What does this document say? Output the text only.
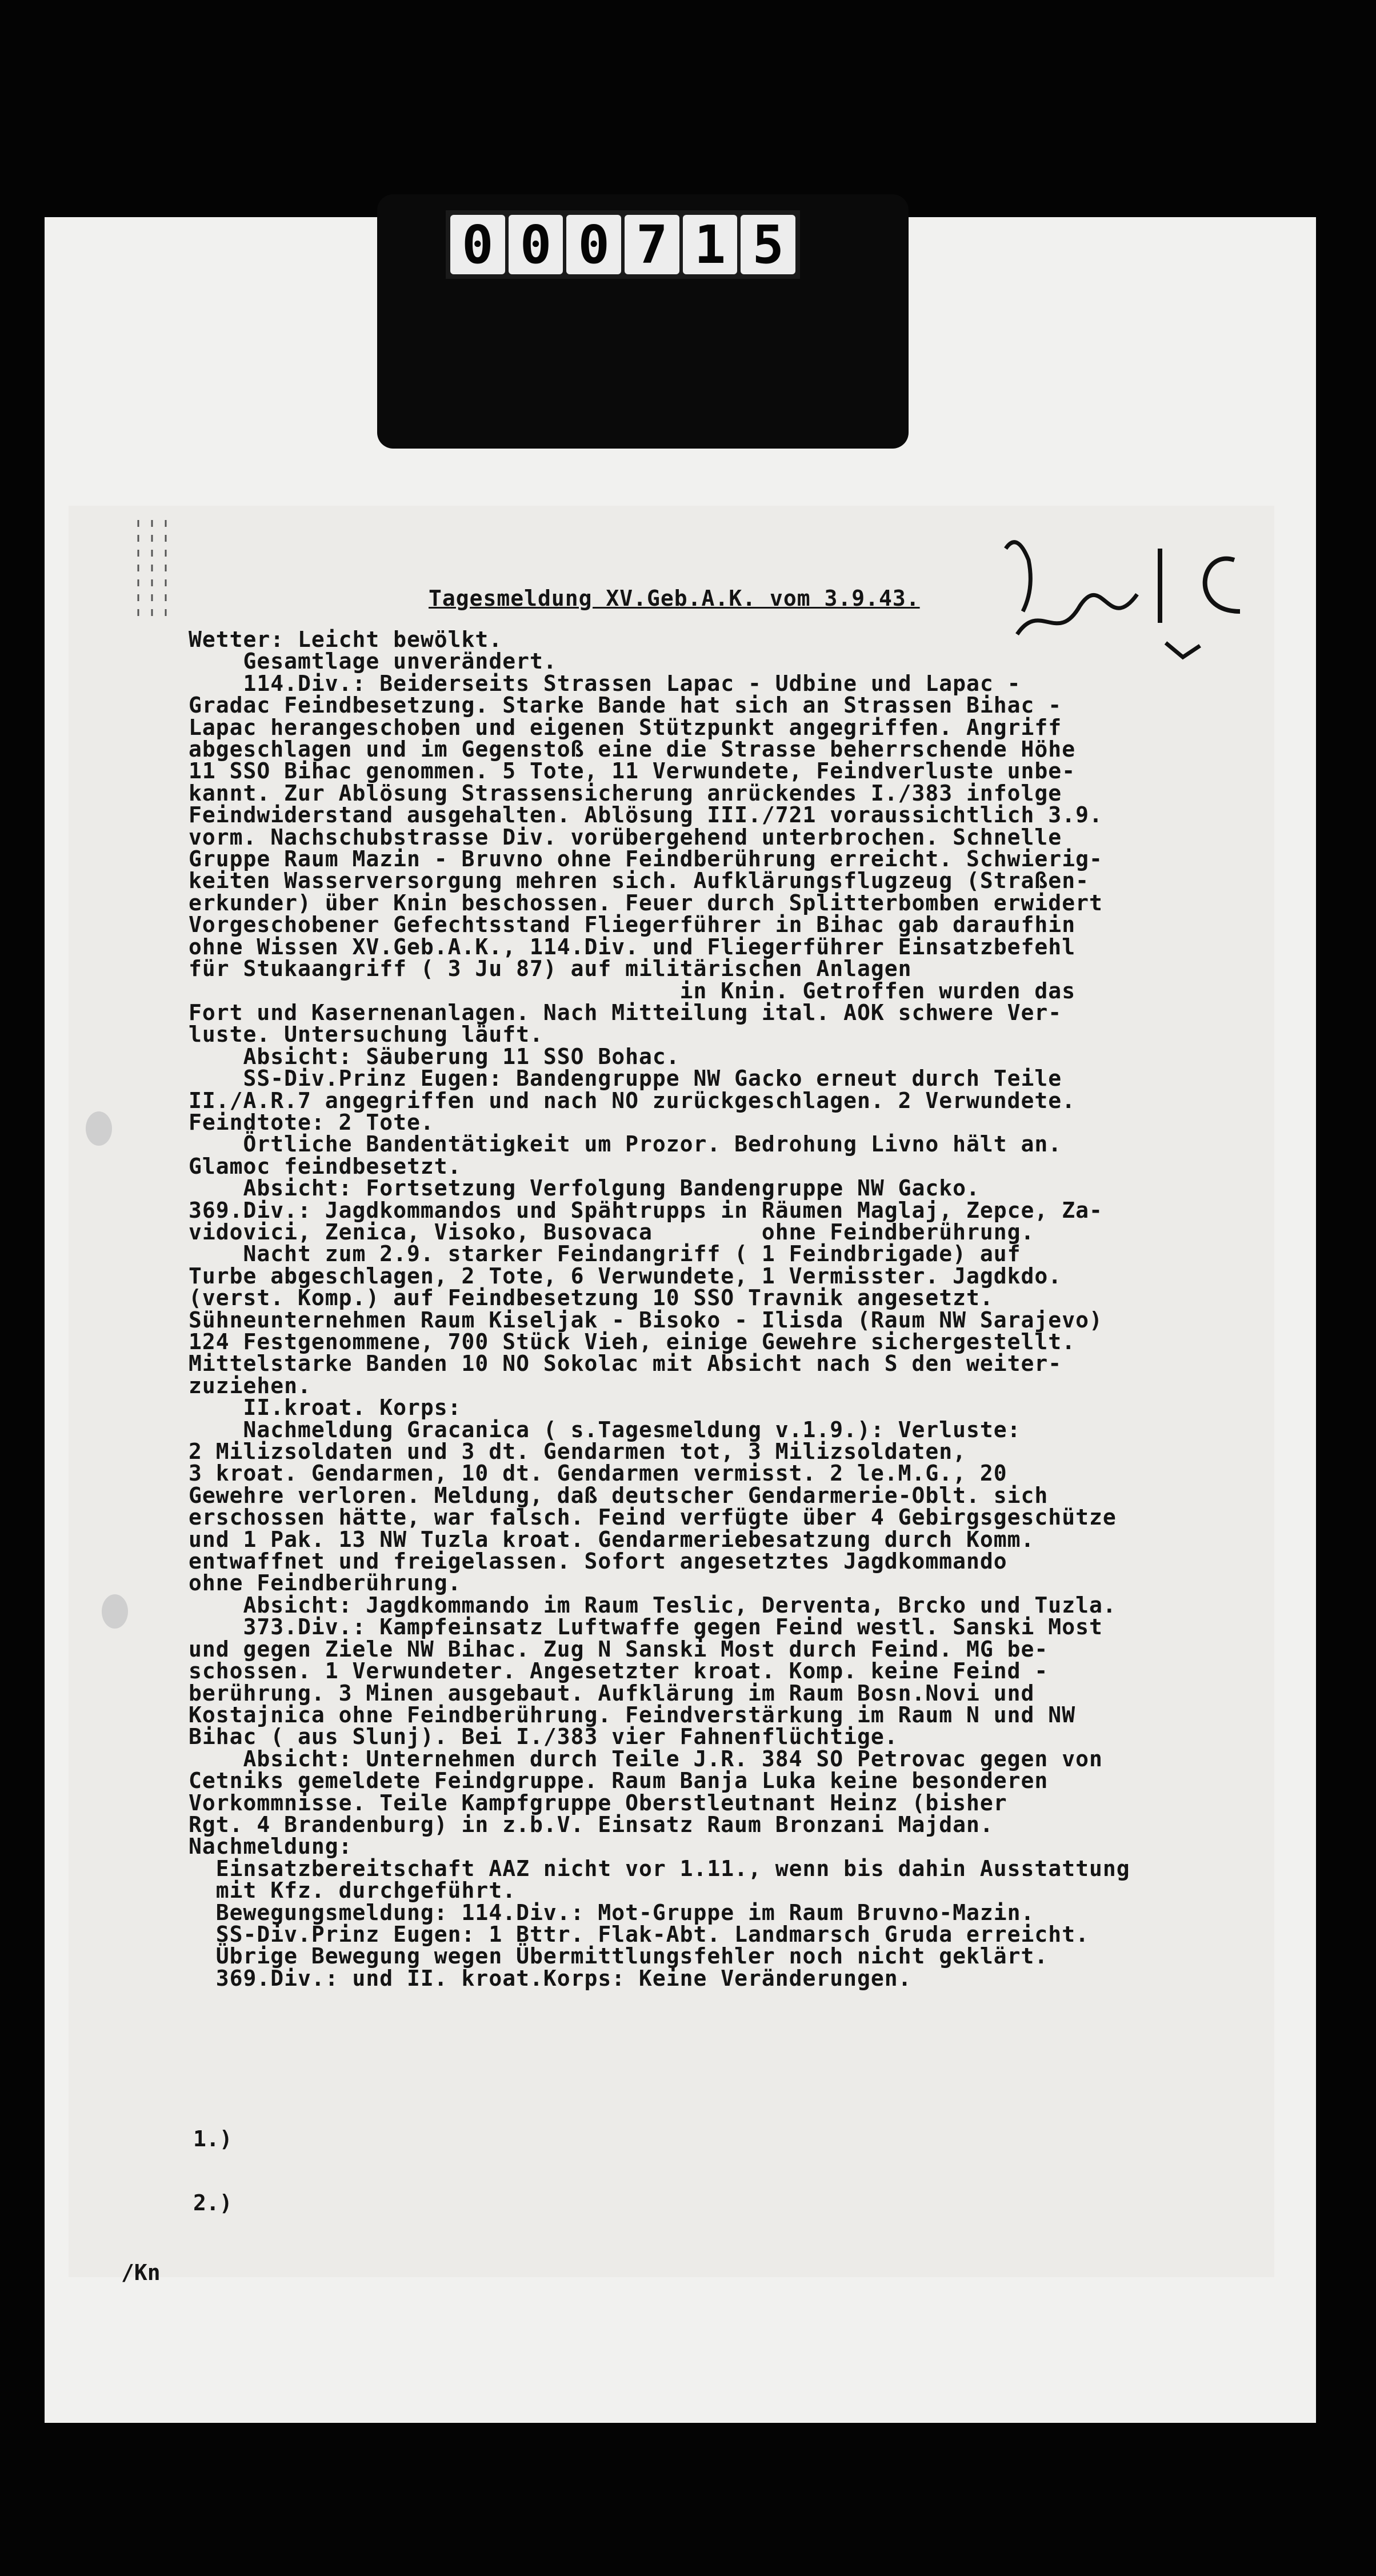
0 0 0 7 1 5
Tagesmeldung XV.Geb.A.K. vom 3.9.43.
Wetter: Leicht bewölkt.
Gesamtlage unverändert.
114.Div.: Beiderseits Strassen Lapac - Udbine und Lapac -
Gradac Feindbesetzung. Starke Bande hat sich an Strassen Bihac -
Lapac herangeschoben und eigenen Stützpunkt angegriffen. Angriff
abgeschlagen und im Gegenstoß eine die Strasse beherrschende Höhe
11 SSO Bihac genommen. 5 Tote, 11 Verwundete, Feindverluste unbe-
kannt. Zur Ablösung Strassensicherung anrückendes I./383 infolge
Feindwiderstand ausgehalten. Ablösung III./721 voraussichtlich 3.9.
vorm. Nachschubstrasse Div. vorübergehend unterbrochen. Schnelle
Gruppe Raum Mazin - Bruvno ohne Feindberührung erreicht. Schwierig-
keiten Wasserversorgung mehren sich. Aufklärungsflugzeug (Straßen-
erkunder) über Knin beschossen. Feuer durch Splitterbomben erwidert
Vorgeschobener Gefechtsstand Fliegerführer in Bihac gab daraufhin
ohne Wissen XV.Geb.A.K., 114.Div. und Fliegerführer Einsatzbefehl
für Stukaangriff ( 3 Ju 87) auf militärischen Anlagen
in Knin. Getroffen wurden das
Fort und Kasernenanlagen. Nach Mitteilung ital. AOK schwere Ver-
luste. Untersuchung läuft.
Absicht: Säuberung 11 SSO Bohac.
SS-Div.Prinz Eugen: Bandengruppe NW Gacko erneut durch Teile
II./A.R.7 angegriffen und nach NO zurückgeschlagen. 2 Verwundete.
Feindtote: 2 Tote.
Örtliche Bandentätigkeit um Prozor. Bedrohung Livno hält an.
Glamoc feindbesetzt.
Absicht: Fortsetzung Verfolgung Bandengruppe NW Gacko.
369.Div.: Jagdkommandos und Spähtrupps in Räumen Maglaj, Zepce, Za-
vidovici, Zenica, Visoko, Busovaca        ohne Feindberührung.
Nacht zum 2.9. starker Feindangriff ( 1 Feindbrigade) auf
Turbe abgeschlagen, 2 Tote, 6 Verwundete, 1 Vermisster. Jagdkdo.
(verst. Komp.) auf Feindbesetzung 10 SSO Travnik angesetzt.
Sühneunternehmen Raum Kiseljak - Bisoko - Ilisda (Raum NW Sarajevo)
124 Festgenommene, 700 Stück Vieh, einige Gewehre sichergestellt.
Mittelstarke Banden 10 NO Sokolac mit Absicht nach S den weiter-
zuziehen.
II.kroat. Korps:
Nachmeldung Gracanica ( s.Tagesmeldung v.1.9.): Verluste:
2 Milizsoldaten und 3 dt. Gendarmen tot, 3 Milizsoldaten,
3 kroat. Gendarmen, 10 dt. Gendarmen vermisst. 2 le.M.G., 20
Gewehre verloren. Meldung, daß deutscher Gendarmerie-Oblt. sich
erschossen hätte, war falsch. Feind verfügte über 4 Gebirgsgeschütze
und 1 Pak. 13 NW Tuzla kroat. Gendarmeriebesatzung durch Komm.
entwaffnet und freigelassen. Sofort angesetztes Jagdkommando
ohne Feindberührung.
Absicht: Jagdkommando im Raum Teslic, Derventa, Brcko und Tuzla.
373.Div.: Kampfeinsatz Luftwaffe gegen Feind westl. Sanski Most
und gegen Ziele NW Bihac. Zug N Sanski Most durch Feind. MG be-
schossen. 1 Verwundeter. Angesetzter kroat. Komp. keine Feind -
berührung. 3 Minen ausgebaut. Aufklärung im Raum Bosn.Novi und
Kostajnica ohne Feindberührung. Feindverstärkung im Raum N und NW
Bihac ( aus Slunj). Bei I./383 vier Fahnenflüchtige.
Absicht: Unternehmen durch Teile J.R. 384 SO Petrovac gegen von
Cetniks gemeldete Feindgruppe. Raum Banja Luka keine besonderen
Vorkommnisse. Teile Kampfgruppe Oberstleutnant Heinz (bisher
Rgt. 4 Brandenburg) in z.b.V. Einsatz Raum Bronzani Majdan.
Nachmeldung:
Einsatzbereitschaft AAZ nicht vor 1.11., wenn bis dahin Ausstattung
mit Kfz. durchgeführt.
Bewegungsmeldung: 114.Div.: Mot-Gruppe im Raum Bruvno-Mazin.
SS-Div.Prinz Eugen: 1 Bttr. Flak-Abt. Landmarsch Gruda erreicht.
Übrige Bewegung wegen Übermittlungsfehler noch nicht geklärt.
369.Div.: und II. kroat.Korps: Keine Veränderungen.
1.)

2.)
/Kn
